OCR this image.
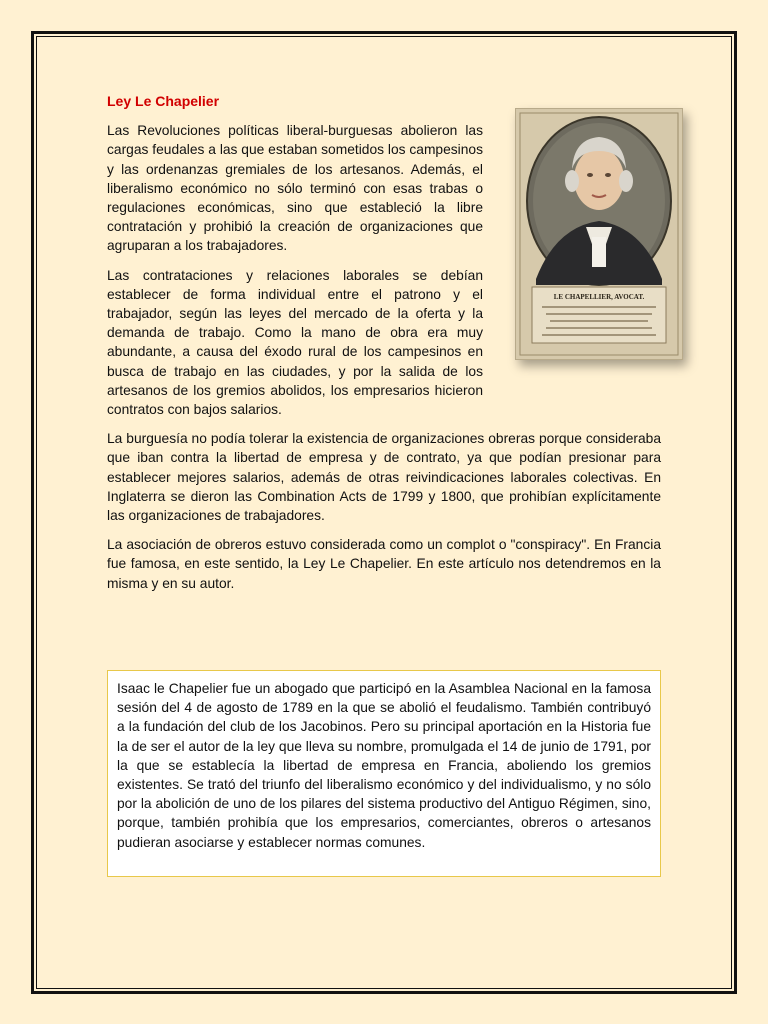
Ley Le Chapelier
LE CHAPELLIER, AVOCAT.

Las Revoluciones políticas liberal-burguesas abolieron las cargas feudales a las que estaban sometidos los campesinos y las ordenanzas gremiales de los artesanos. Además, el liberalismo económico no sólo terminó con esas trabas o regulaciones económicas, sino que estableció la libre contratación y prohibió la creación de organizaciones que agruparan a los trabajadores.

Las contrataciones y relaciones laborales se debían establecer de forma individual entre el patrono y el trabajador, según las leyes del mercado de la oferta y la demanda de trabajo. Como la mano de obra era muy abundante, a causa del éxodo rural de los campesinos en busca de trabajo en las ciudades, y por la salida de los artesanos de los gremios abolidos, los empresarios hicieron contratos con bajos salarios.

La burguesía no podía tolerar la existencia de organizaciones obreras porque consideraba que iban contra la libertad de empresa y de contrato, ya que podían presionar para establecer mejores salarios, además de otras reivindicaciones laborales colectivas. En Inglaterra se dieron las Combination Acts de 1799 y 1800, que prohibían explícitamente las organizaciones de trabajadores.

La asociación de obreros estuvo considerada como un complot o "conspiracy". En Francia fue famosa, en este sentido, la Ley Le Chapelier. En este artículo nos detendremos en la misma y en su autor.

Isaac le Chapelier fue un abogado que participó en la Asamblea Nacional en la famosa sesión del 4 de agosto de 1789 en la que se abolió el feudalismo. También contribuyó a la fundación del club de los Jacobinos. Pero su principal aportación en la Historia fue la de ser el autor de la ley que lleva su nombre, promulgada el 14 de junio de 1791, por la que se establecía la libertad de empresa en Francia, aboliendo los gremios existentes. Se trató del triunfo del liberalismo económico y del individualismo, y no sólo por la abolición de uno de los pilares del sistema productivo del Antiguo Régimen, sino, porque, también prohibía que los empresarios, comerciantes, obreros o artesanos pudieran asociarse y establecer normas comunes.
